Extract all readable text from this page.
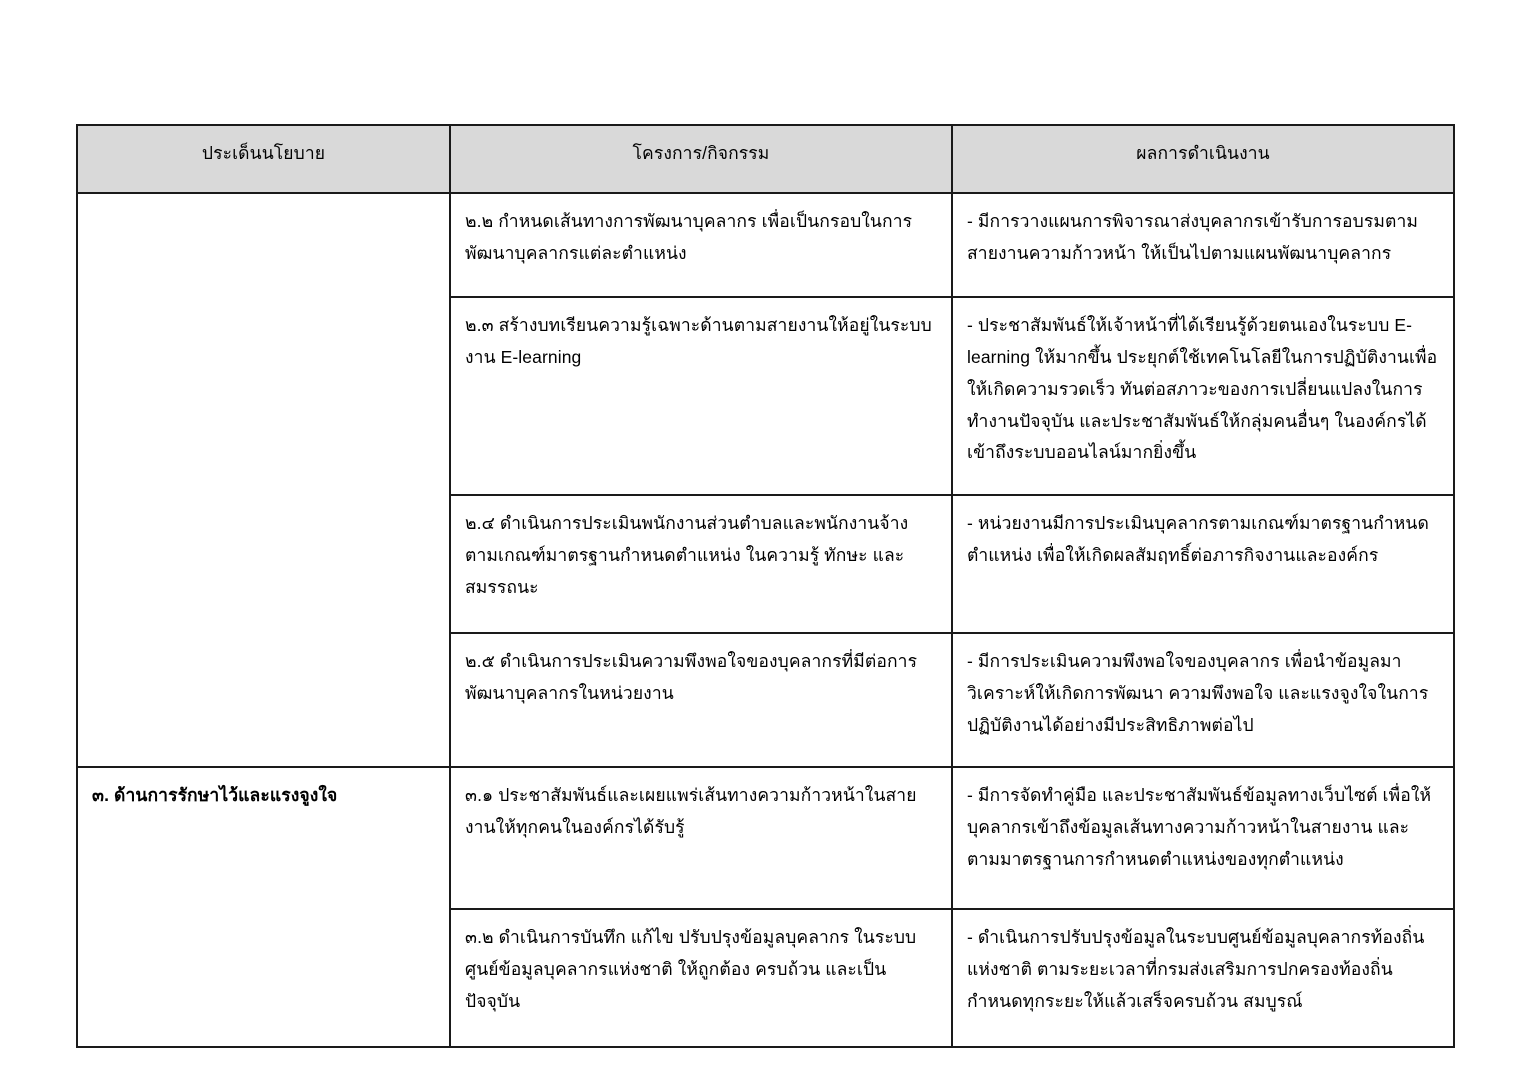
ประเด็นนโยบาย	โครงการ/กิจกรรม	ผลการดำเนินงาน

	๒.๒ กำหนดเส้นทางการพัฒนาบุคลากร เพื่อเป็นกรอบในการพัฒนาบุคลากรแต่ละตำแหน่ง	- มีการวางแผนการพิจารณาส่งบุคลากรเข้ารับการอบรมตามสายงานความก้าวหน้า ให้เป็นไปตามแผนพัฒนาบุคลากร

	๒.๓ สร้างบทเรียนความรู้เฉพาะด้านตามสายงานให้อยู่ในระบบงาน E-learning	- ประชาสัมพันธ์ให้เจ้าหน้าที่ได้เรียนรู้ด้วยตนเองในระบบ E-learning ให้มากขึ้น ประยุกต์ใช้เทคโนโลยีในการปฏิบัติงานเพื่อให้เกิดความรวดเร็ว ทันต่อสภาวะของการเปลี่ยนแปลงในการทำงานปัจจุบัน และประชาสัมพันธ์ให้กลุ่มคนอื่นๆ ในองค์กรได้เข้าถึงระบบออนไลน์มากยิ่งขึ้น

	๒.๔ ดำเนินการประเมินพนักงานส่วนตำบลและพนักงานจ้างตามเกณฑ์มาตรฐานกำหนดตำแหน่ง ในความรู้ ทักษะ และสมรรถนะ	- หน่วยงานมีการประเมินบุคลากรตามเกณฑ์มาตรฐานกำหนดตำแหน่ง เพื่อให้เกิดผลสัมฤทธิ์ต่อภารกิจงานและองค์กร

	๒.๕ ดำเนินการประเมินความพึงพอใจของบุคลากรที่มีต่อการพัฒนาบุคลากรในหน่วยงาน	- มีการประเมินความพึงพอใจของบุคลากร เพื่อนำข้อมูลมาวิเคราะห์ให้เกิดการพัฒนา ความพึงพอใจ และแรงจูงใจในการปฏิบัติงานได้อย่างมีประสิทธิภาพต่อไป

๓. ด้านการรักษาไว้และแรงจูงใจ	๓.๑ ประชาสัมพันธ์และเผยแพร่เส้นทางความก้าวหน้าในสายงานให้ทุกคนในองค์กรได้รับรู้	- มีการจัดทำคู่มือ และประชาสัมพันธ์ข้อมูลทางเว็บไซต์ เพื่อให้บุคลากรเข้าถึงข้อมูลเส้นทางความก้าวหน้าในสายงาน และตามมาตรฐานการกำหนดตำแหน่งของทุกตำแหน่ง

	๓.๒ ดำเนินการบันทึก แก้ไข ปรับปรุงข้อมูลบุคลากร ในระบบศูนย์ข้อมูลบุคลากรแห่งชาติ ให้ถูกต้อง ครบถ้วน และเป็นปัจจุบัน	- ดำเนินการปรับปรุงข้อมูลในระบบศูนย์ข้อมูลบุคลากรท้องถิ่นแห่งชาติ ตามระยะเวลาที่กรมส่งเสริมการปกครองท้องถิ่นกำหนดทุกระยะให้แล้วเสร็จครบถ้วน สมบูรณ์
